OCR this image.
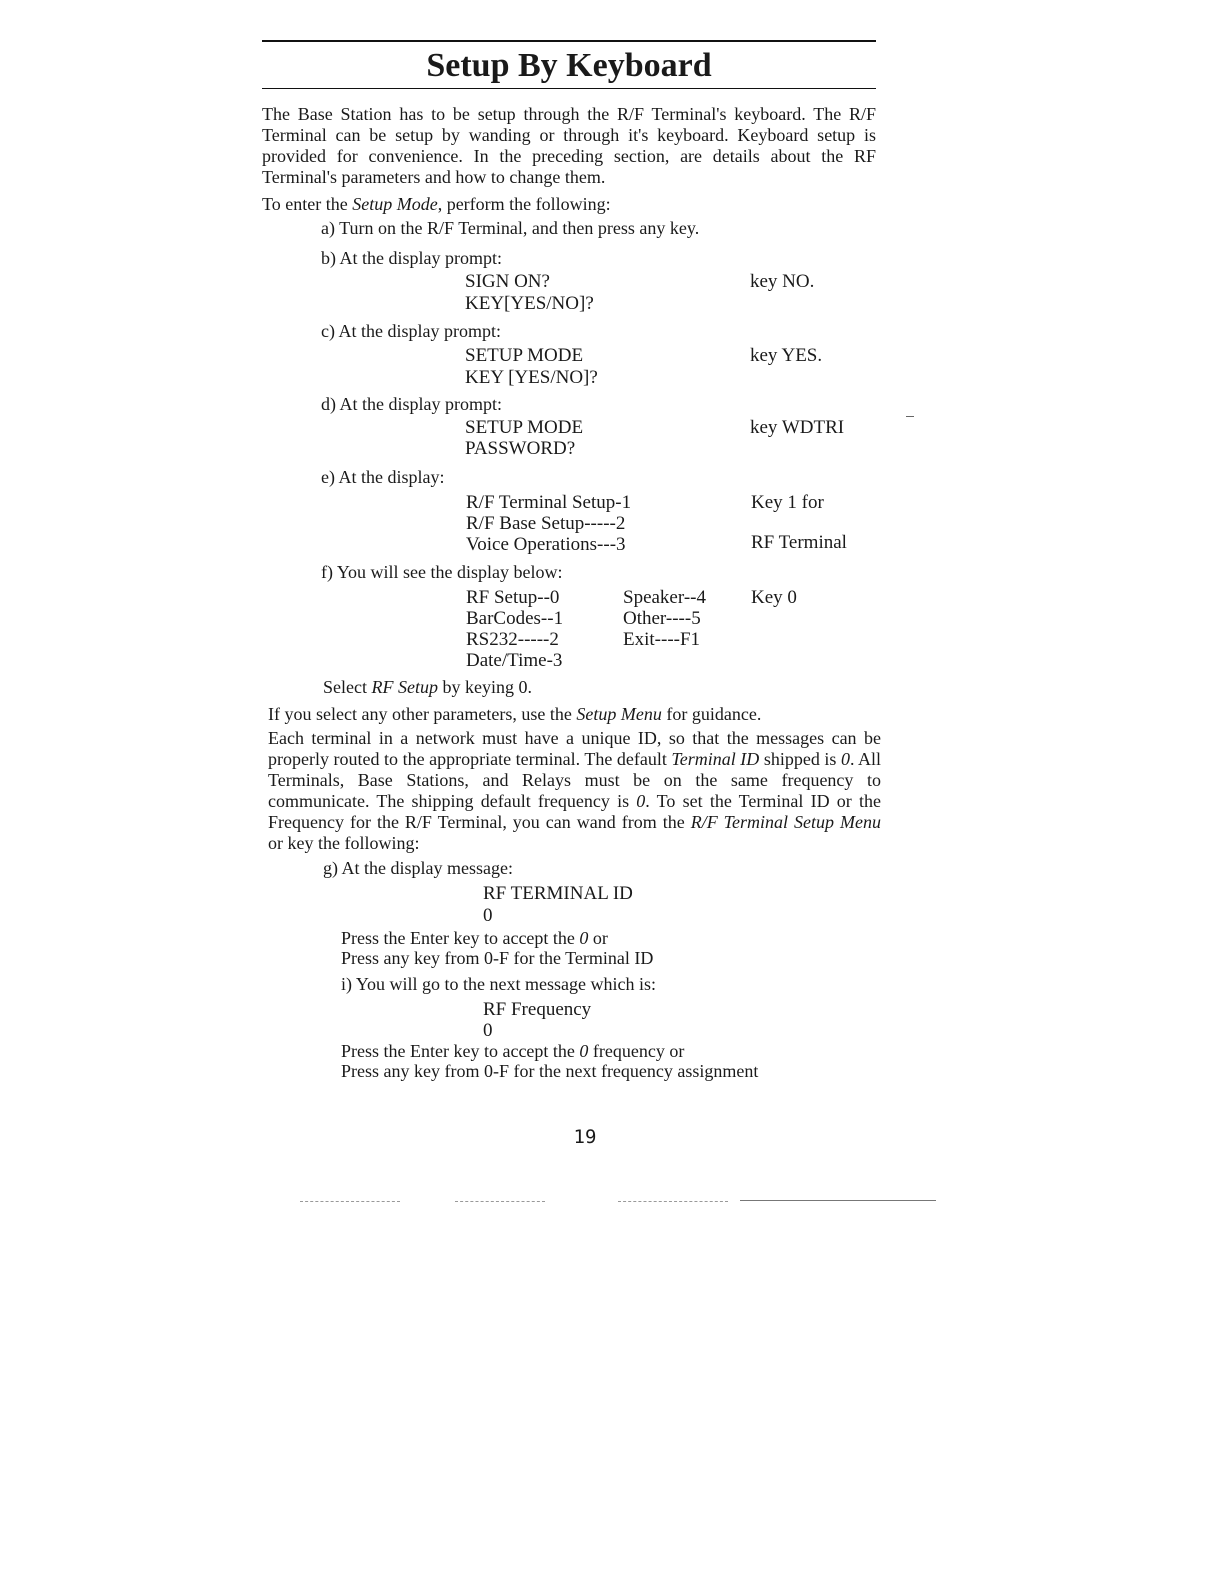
Setup By Keyboard
The Base Station has to be setup through the R/F Terminal's keyboard. The R/F Terminal can be setup by wanding or through it's keyboard. Keyboard setup is provided for convenience. In the preceding section, are details about the RF Terminal's parameters and how to change them.
To enter the Setup Mode, perform the following:
a) Turn on the R/F Terminal, and then press any key.
b) At the display prompt:
SIGN ON?
KEY[YES/NO]?
key NO.
c) At the display prompt:
SETUP MODE
KEY [YES/NO]?
key YES.
d) At the display prompt:
SETUP MODE
PASSWORD?
key WDTRI
e) At the display:
R/F Terminal Setup-1
R/F Base Setup-----2
Voice Operations---3
Key 1 for
RF Terminal
f) You will see the display below:
RF Setup--0
BarCodes--1
RS232-----2
Date/Time-3
Speaker--4
Other----5
Exit----F1
Key 0
Select RF Setup by keying 0.
If you select any other parameters, use the Setup Menu for guidance.
Each terminal in a network must have a unique ID, so that the messages can be properly routed to the appropriate terminal. The default Terminal ID shipped is 0. All Terminals, Base Stations, and Relays must be on the same frequency to communicate. The shipping default frequency is 0. To set the Terminal ID or the Frequency for the R/F Terminal, you can wand from the R/F Terminal Setup Menu or key the following:
g) At the display message:
RF TERMINAL ID
0
Press the Enter key to accept the 0 or
Press any key from 0-F for the Terminal ID
i) You will go to the next message which is:
RF Frequency
0
Press the Enter key to accept the 0 frequency or
Press any key from 0-F for the next frequency assignment
19
